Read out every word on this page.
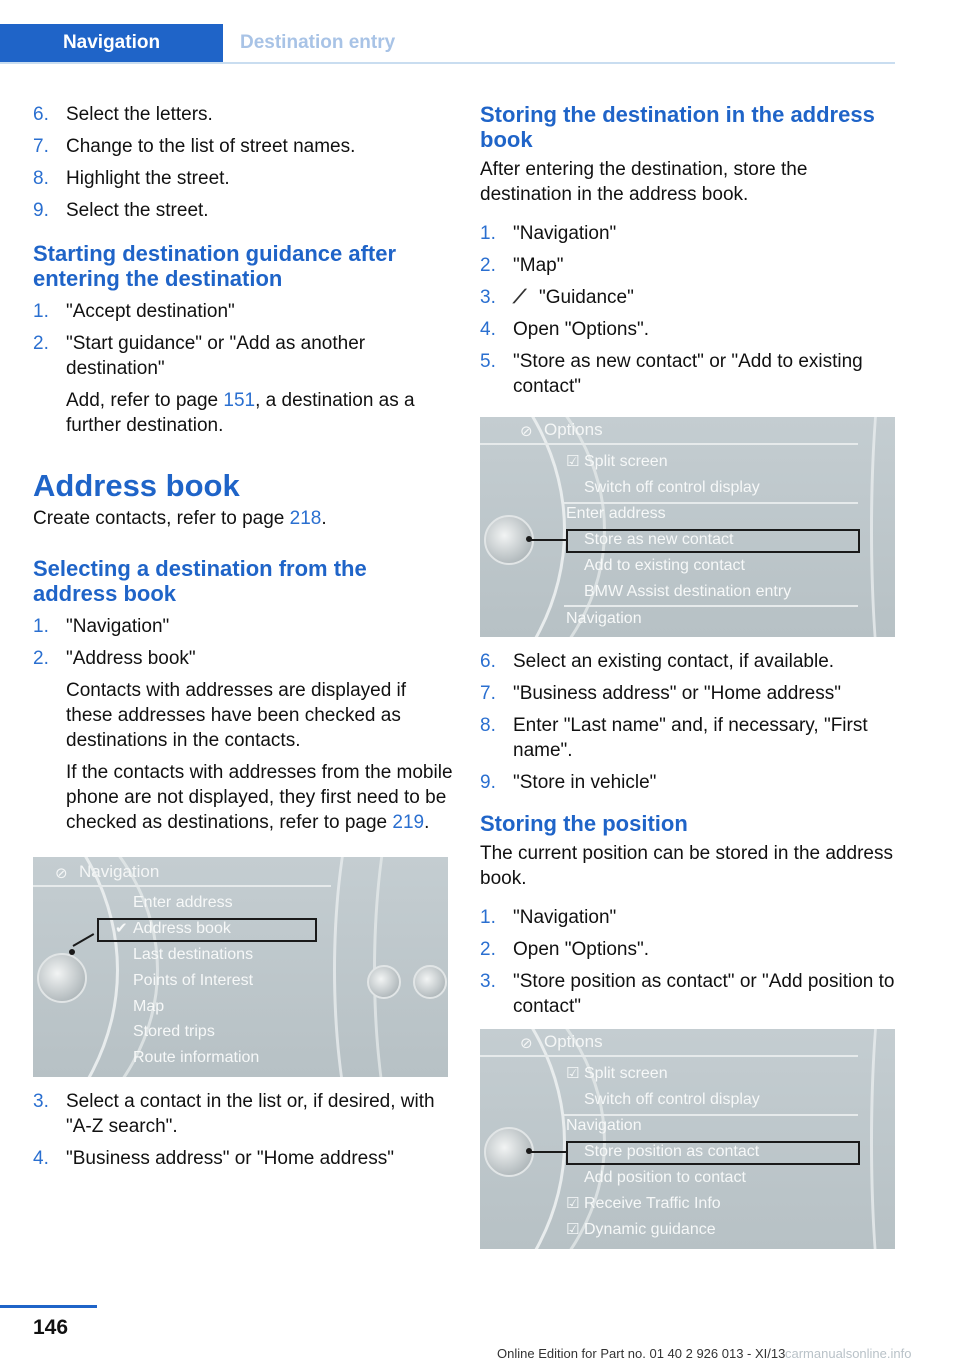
Navigation	Destination entry
6. Select the letters.
7. Change to the list of street names.
8. Highlight the street.
9. Select the street.
Starting destination guidance after entering the destination
1. "Accept destination"
2. "Start guidance" or "Add as another destination"
Add, refer to page 151, a destination as a further destination.
Address book
Create contacts, refer to page 218.
Selecting a destination from the address book
1. "Navigation"
2. "Address book"
Contacts with addresses are displayed if these addresses have been checked as destinations in the contacts.
If the contacts with addresses from the mobile phone are not displayed, they first need to be checked as destinations, refer to page 219.
⊘ Navigation
Enter address
✔ Address book
Last destinations
Points of Interest
Map
Stored trips
Route information
3. Select a contact in the list or, if desired, with "A-Z search".
4. "Business address" or "Home address"
Storing the destination in the address book
After entering the destination, store the destination in the address book.
1. "Navigation"
2. "Map"
3. ⟋ "Guidance"
4. Open "Options".
5. "Store as new contact" or "Add to existing contact"
⊘ Options
☑ Split screen
Switch off control display
Enter address
Store as new contact
Add to existing contact
BMW Assist destination entry
Navigation
6. Select an existing contact, if available.
7. "Business address" or "Home address"
8. Enter "Last name" and, if necessary, "First name".
9. "Store in vehicle"
Storing the position
The current position can be stored in the address book.
1. "Navigation"
2. Open "Options".
3. "Store position as contact" or "Add position to contact"
⊘ Options
☑ Split screen
Switch off control display
Navigation
Store position as contact
Add position to contact
☑ Receive Traffic Info
☑ Dynamic guidance
146
Online Edition for Part no. 01 40 2 926 013 - XI/13 carmanualsonline.info
